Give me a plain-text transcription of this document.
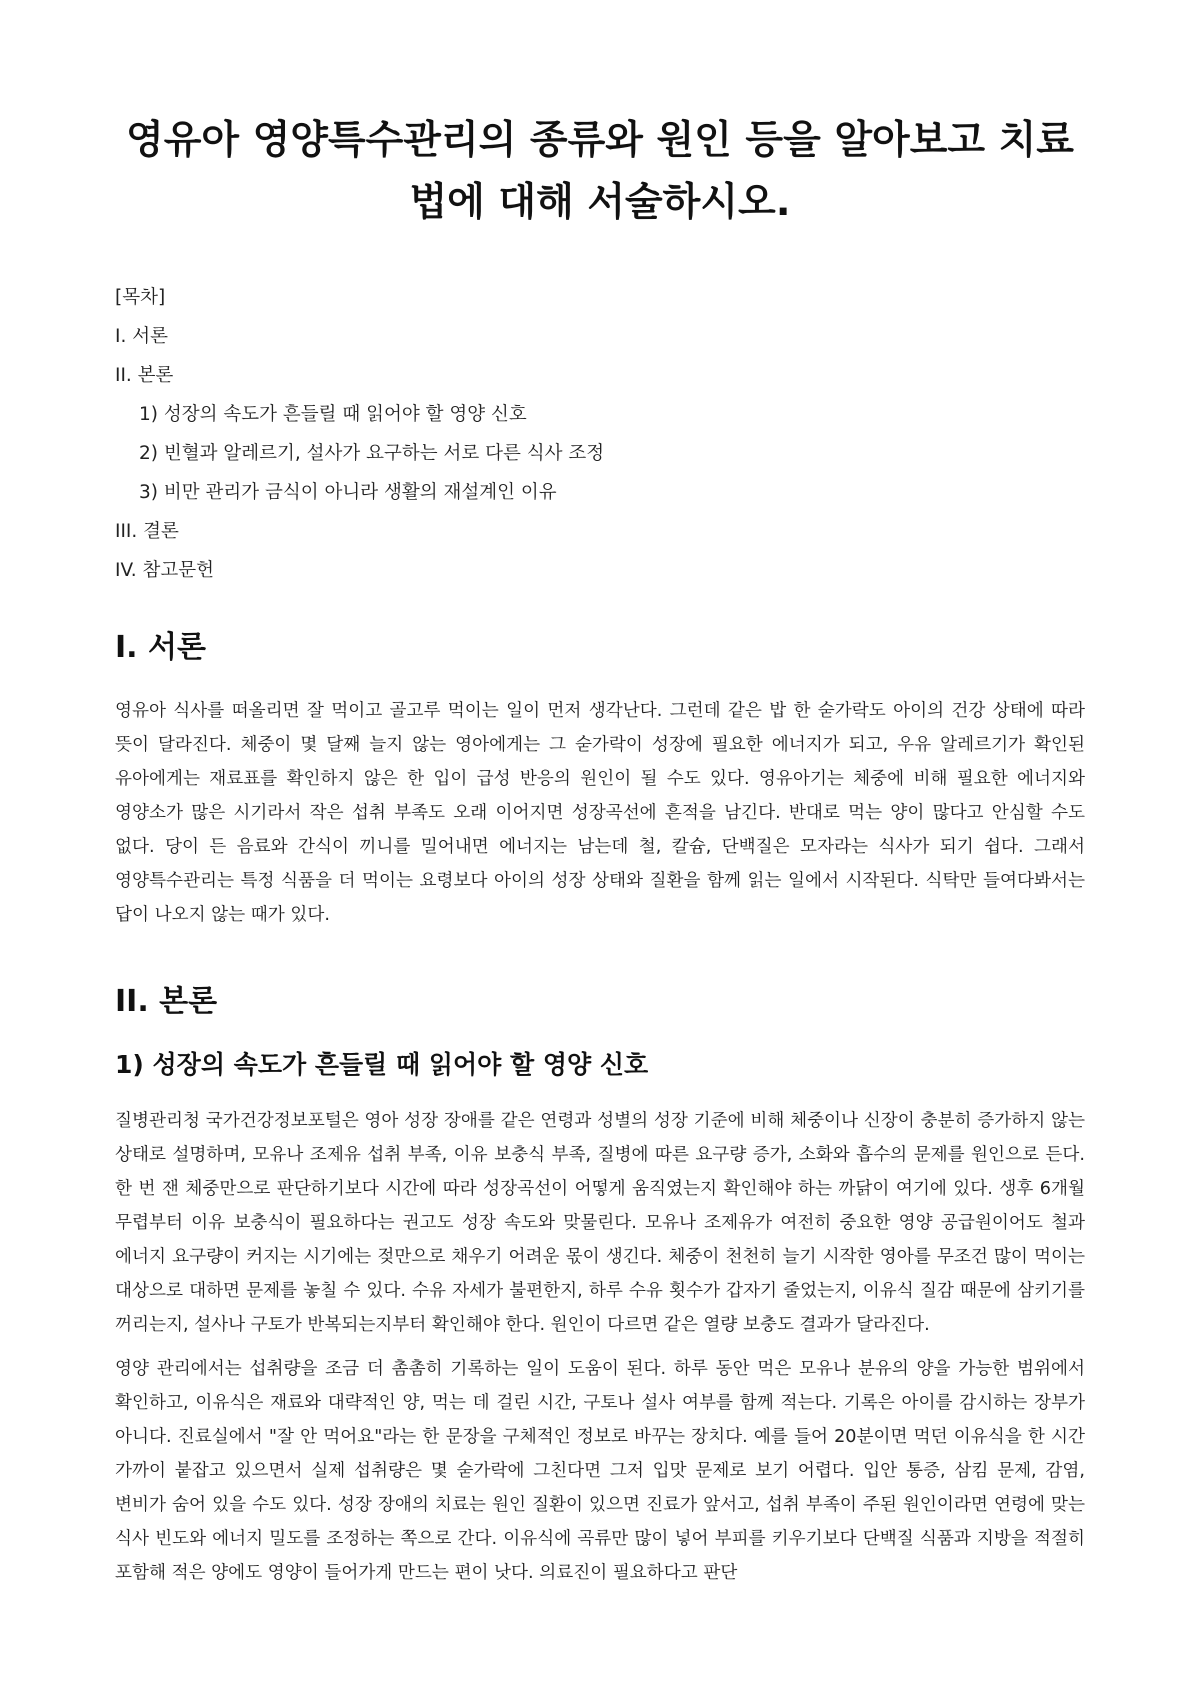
영유아 영양특수관리의 종류와 원인 등을 알아보고 치료법에 대해 서술하시오.
[목차]
I. 서론
II. 본론
1) 성장의 속도가 흔들릴 때 읽어야 할 영양 신호
2) 빈혈과 알레르기, 설사가 요구하는 서로 다른 식사 조정
3) 비만 관리가 금식이 아니라 생활의 재설계인 이유
III. 결론
IV. 참고문헌
I. 서론

영유아 식사를 떠올리면 잘 먹이고 골고루 먹이는 일이 먼저 생각난다. 그런데 같은 밥 한 숟가락도 아이의 건강 상태에 따라 뜻이 달라진다. 체중이 몇 달째 늘지 않는 영아에게는 그 숟가락이 성장에 필요한 에너지가 되고, 우유 알레르기가 확인된 유아에게는 재료표를 확인하지 않은 한 입이 급성 반응의 원인이 될 수도 있다. 영유아기는 체중에 비해 필요한 에너지와 영양소가 많은 시기라서 작은 섭취 부족도 오래 이어지면 성장곡선에 흔적을 남긴다. 반대로 먹는 양이 많다고 안심할 수도 없다. 당이 든 음료와 간식이 끼니를 밀어내면 에너지는 남는데 철, 칼슘, 단백질은 모자라는 식사가 되기 쉽다. 그래서 영양특수관리는 특정 식품을 더 먹이는 요령보다 아이의 성장 상태와 질환을 함께 읽는 일에서 시작된다. 식탁만 들여다봐서는 답이 나오지 않는 때가 있다.

II. 본론
1) 성장의 속도가 흔들릴 때 읽어야 할 영양 신호

질병관리청 국가건강정보포털은 영아 성장 장애를 같은 연령과 성별의 성장 기준에 비해 체중이나 신장이 충분히 증가하지 않는 상태로 설명하며, 모유나 조제유 섭취 부족, 이유 보충식 부족, 질병에 따른 요구량 증가, 소화와 흡수의 문제를 원인으로 든다. 한 번 잰 체중만으로 판단하기보다 시간에 따라 성장곡선이 어떻게 움직였는지 확인해야 하는 까닭이 여기에 있다. 생후 6개월 무렵부터 이유 보충식이 필요하다는 권고도 성장 속도와 맞물린다. 모유나 조제유가 여전히 중요한 영양 공급원이어도 철과 에너지 요구량이 커지는 시기에는 젖만으로 채우기 어려운 몫이 생긴다. 체중이 천천히 늘기 시작한 영아를 무조건 많이 먹이는 대상으로 대하면 문제를 놓칠 수 있다. 수유 자세가 불편한지, 하루 수유 횟수가 갑자기 줄었는지, 이유식 질감 때문에 삼키기를 꺼리는지, 설사나 구토가 반복되는지부터 확인해야 한다. 원인이 다르면 같은 열량 보충도 결과가 달라진다.

영양 관리에서는 섭취량을 조금 더 촘촘히 기록하는 일이 도움이 된다. 하루 동안 먹은 모유나 분유의 양을 가능한 범위에서 확인하고, 이유식은 재료와 대략적인 양, 먹는 데 걸린 시간, 구토나 설사 여부를 함께 적는다. 기록은 아이를 감시하는 장부가 아니다. 진료실에서 "잘 안 먹어요"라는 한 문장을 구체적인 정보로 바꾸는 장치다. 예를 들어 20분이면 먹던 이유식을 한 시간 가까이 붙잡고 있으면서 실제 섭취량은 몇 숟가락에 그친다면 그저 입맛 문제로 보기 어렵다. 입안 통증, 삼킴 문제, 감염, 변비가 숨어 있을 수도 있다. 성장 장애의 치료는 원인 질환이 있으면 진료가 앞서고, 섭취 부족이 주된 원인이라면 연령에 맞는 식사 빈도와 에너지 밀도를 조정하는 쪽으로 간다. 이유식에 곡류만 많이 넣어 부피를 키우기보다 단백질 식품과 지방을 적절히 포함해 적은 양에도 영양이 들어가게 만드는 편이 낫다. 의료진이 필요하다고 판단
